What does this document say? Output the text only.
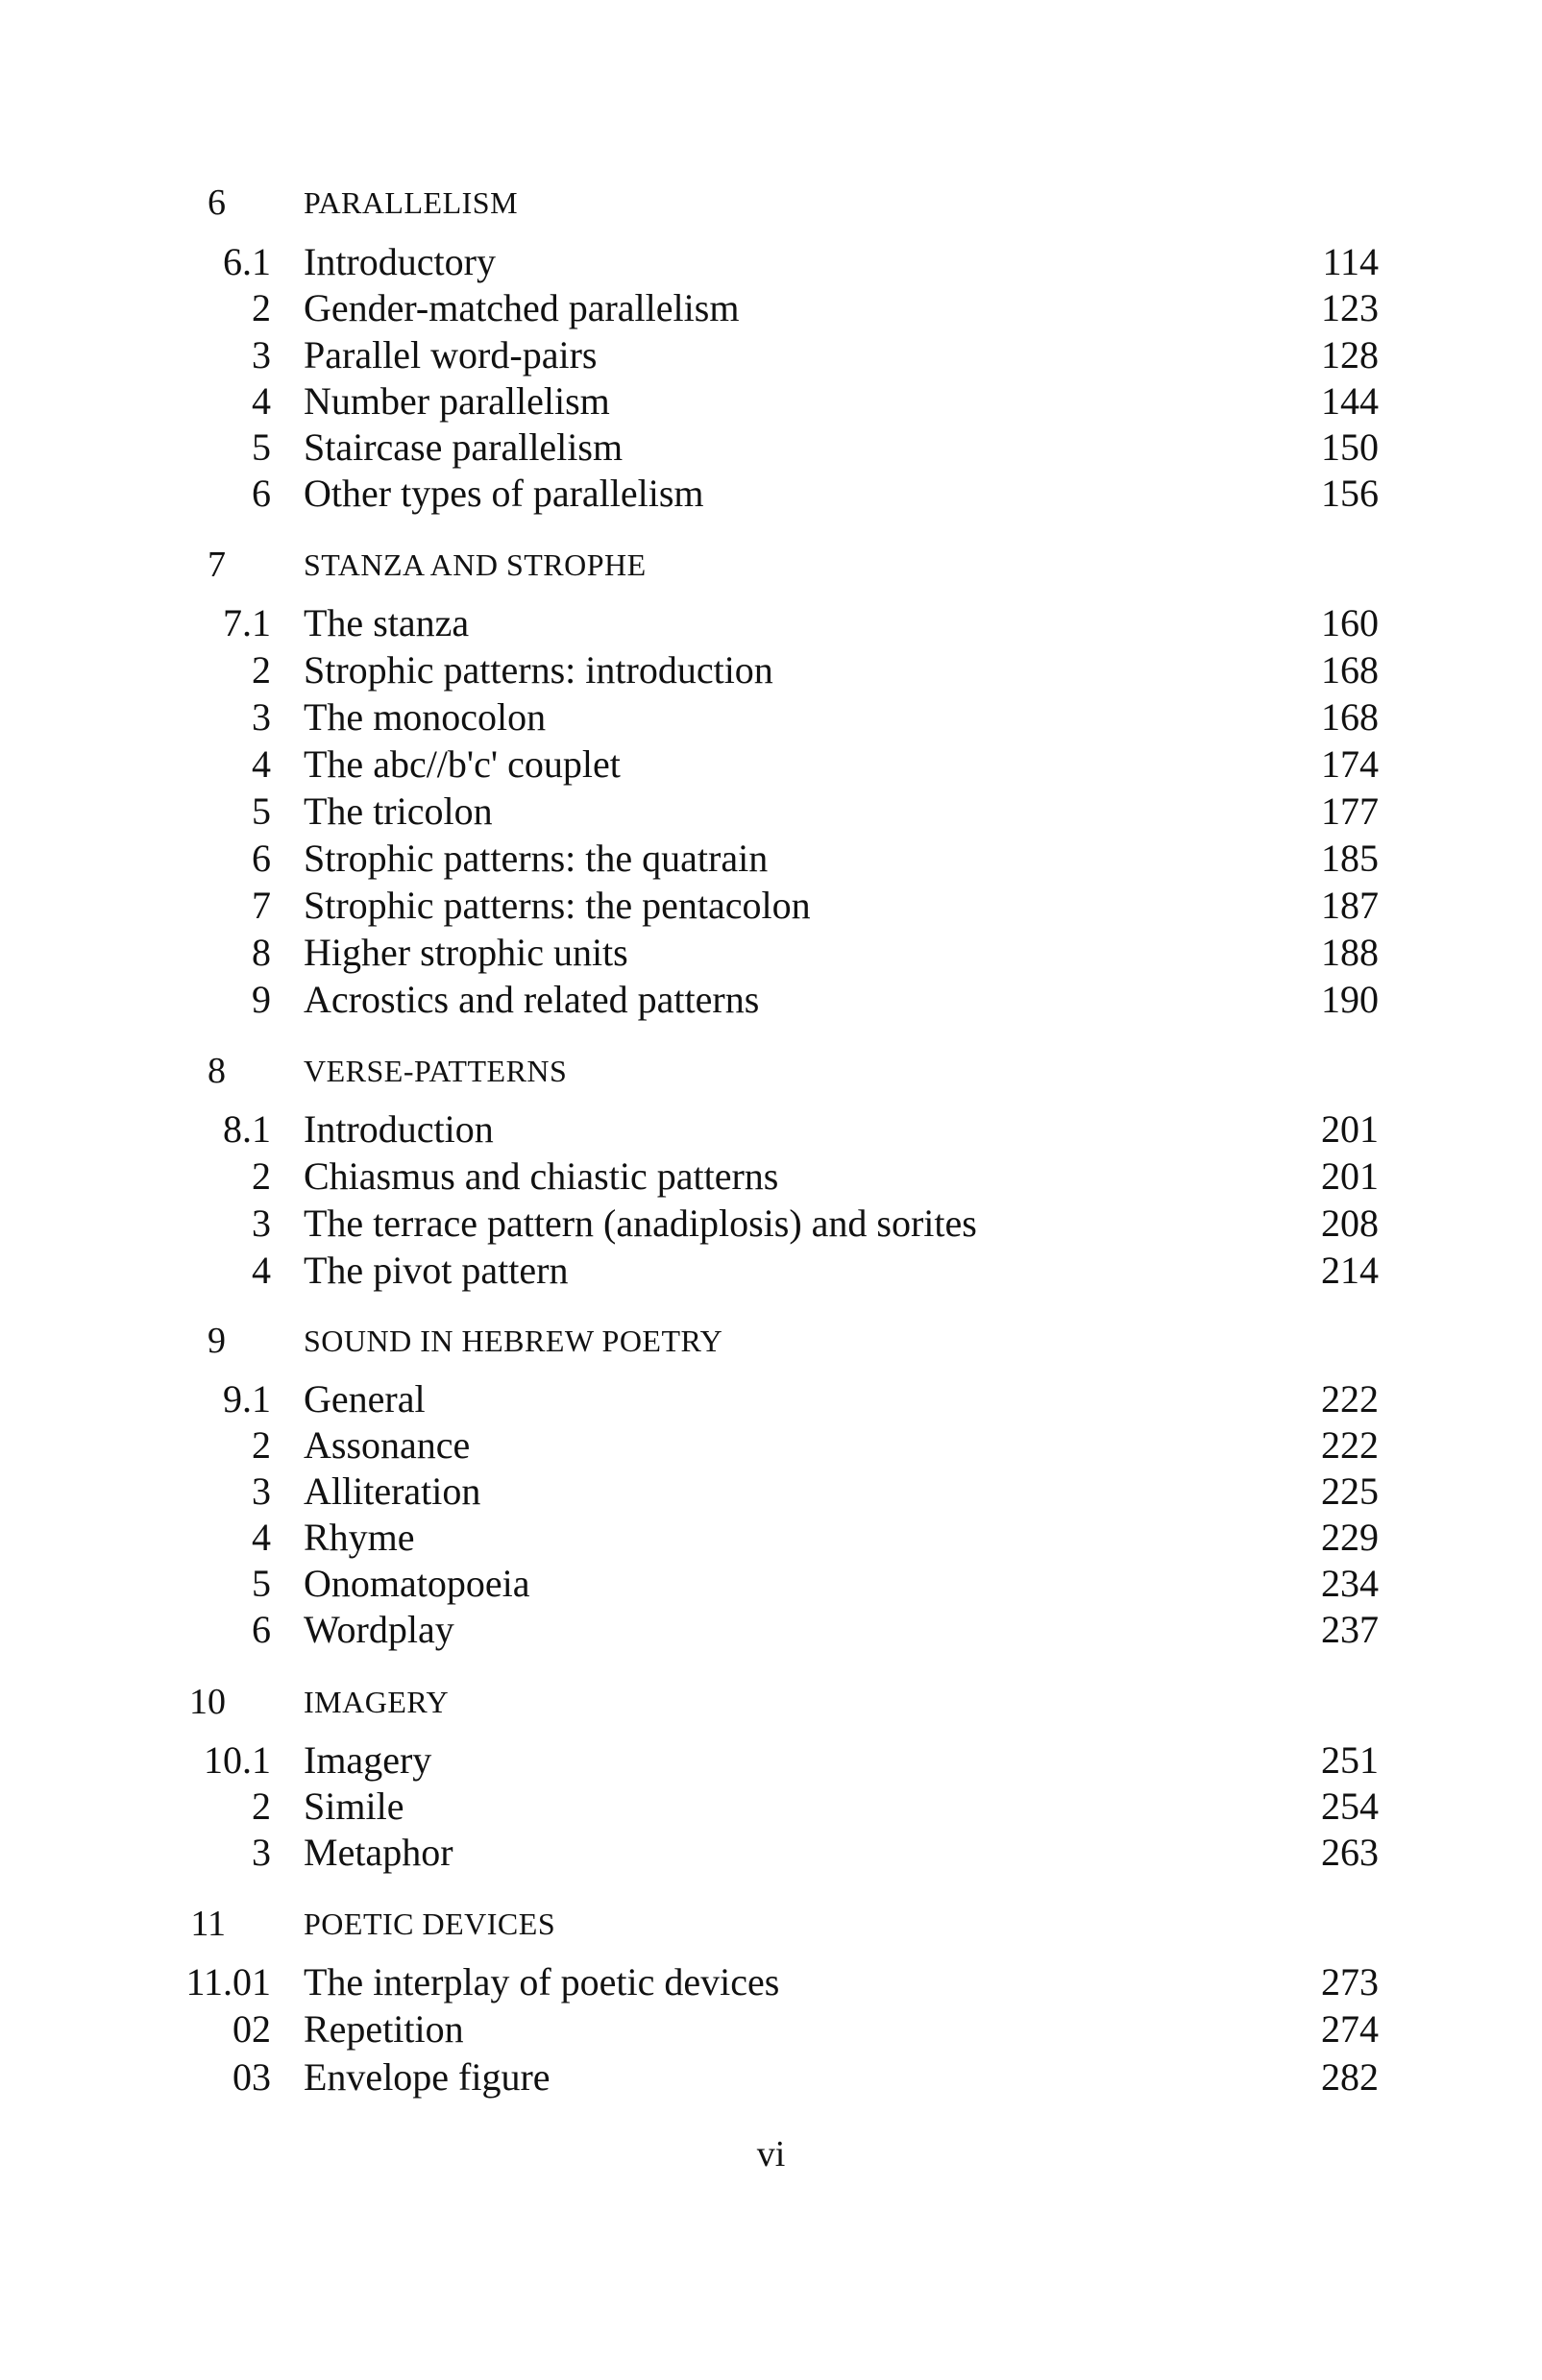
6	PARALLELISM
6.1 Introductory	114
2 Gender-matched parallelism	123
3 Parallel word-pairs	128
4 Number parallelism	144
5 Staircase parallelism	150
6 Other types of parallelism	156
7	STANZA AND STROPHE
7.1 The stanza	160
2 Strophic patterns: introduction	168
3 The monocolon	168
4 The abc//b'c' couplet	174
5 The tricolon	177
6 Strophic patterns: the quatrain	185
7 Strophic patterns: the pentacolon	187
8 Higher strophic units	188
9 Acrostics and related patterns	190
8	VERSE-PATTERNS
8.1 Introduction	201
2 Chiasmus and chiastic patterns	201
3 The terrace pattern (anadiplosis) and sorites	208
4 The pivot pattern	214
9	SOUND IN HEBREW POETRY
9.1 General	222
2 Assonance	222
3 Alliteration	225
4 Rhyme	229
5 Onomatopoeia	234
6 Wordplay	237
10	IMAGERY
10.1 Imagery	251
2 Simile	254
3 Metaphor	263
11	POETIC DEVICES
11.01 The interplay of poetic devices	273
02 Repetition	274
03 Envelope figure	282
vi
